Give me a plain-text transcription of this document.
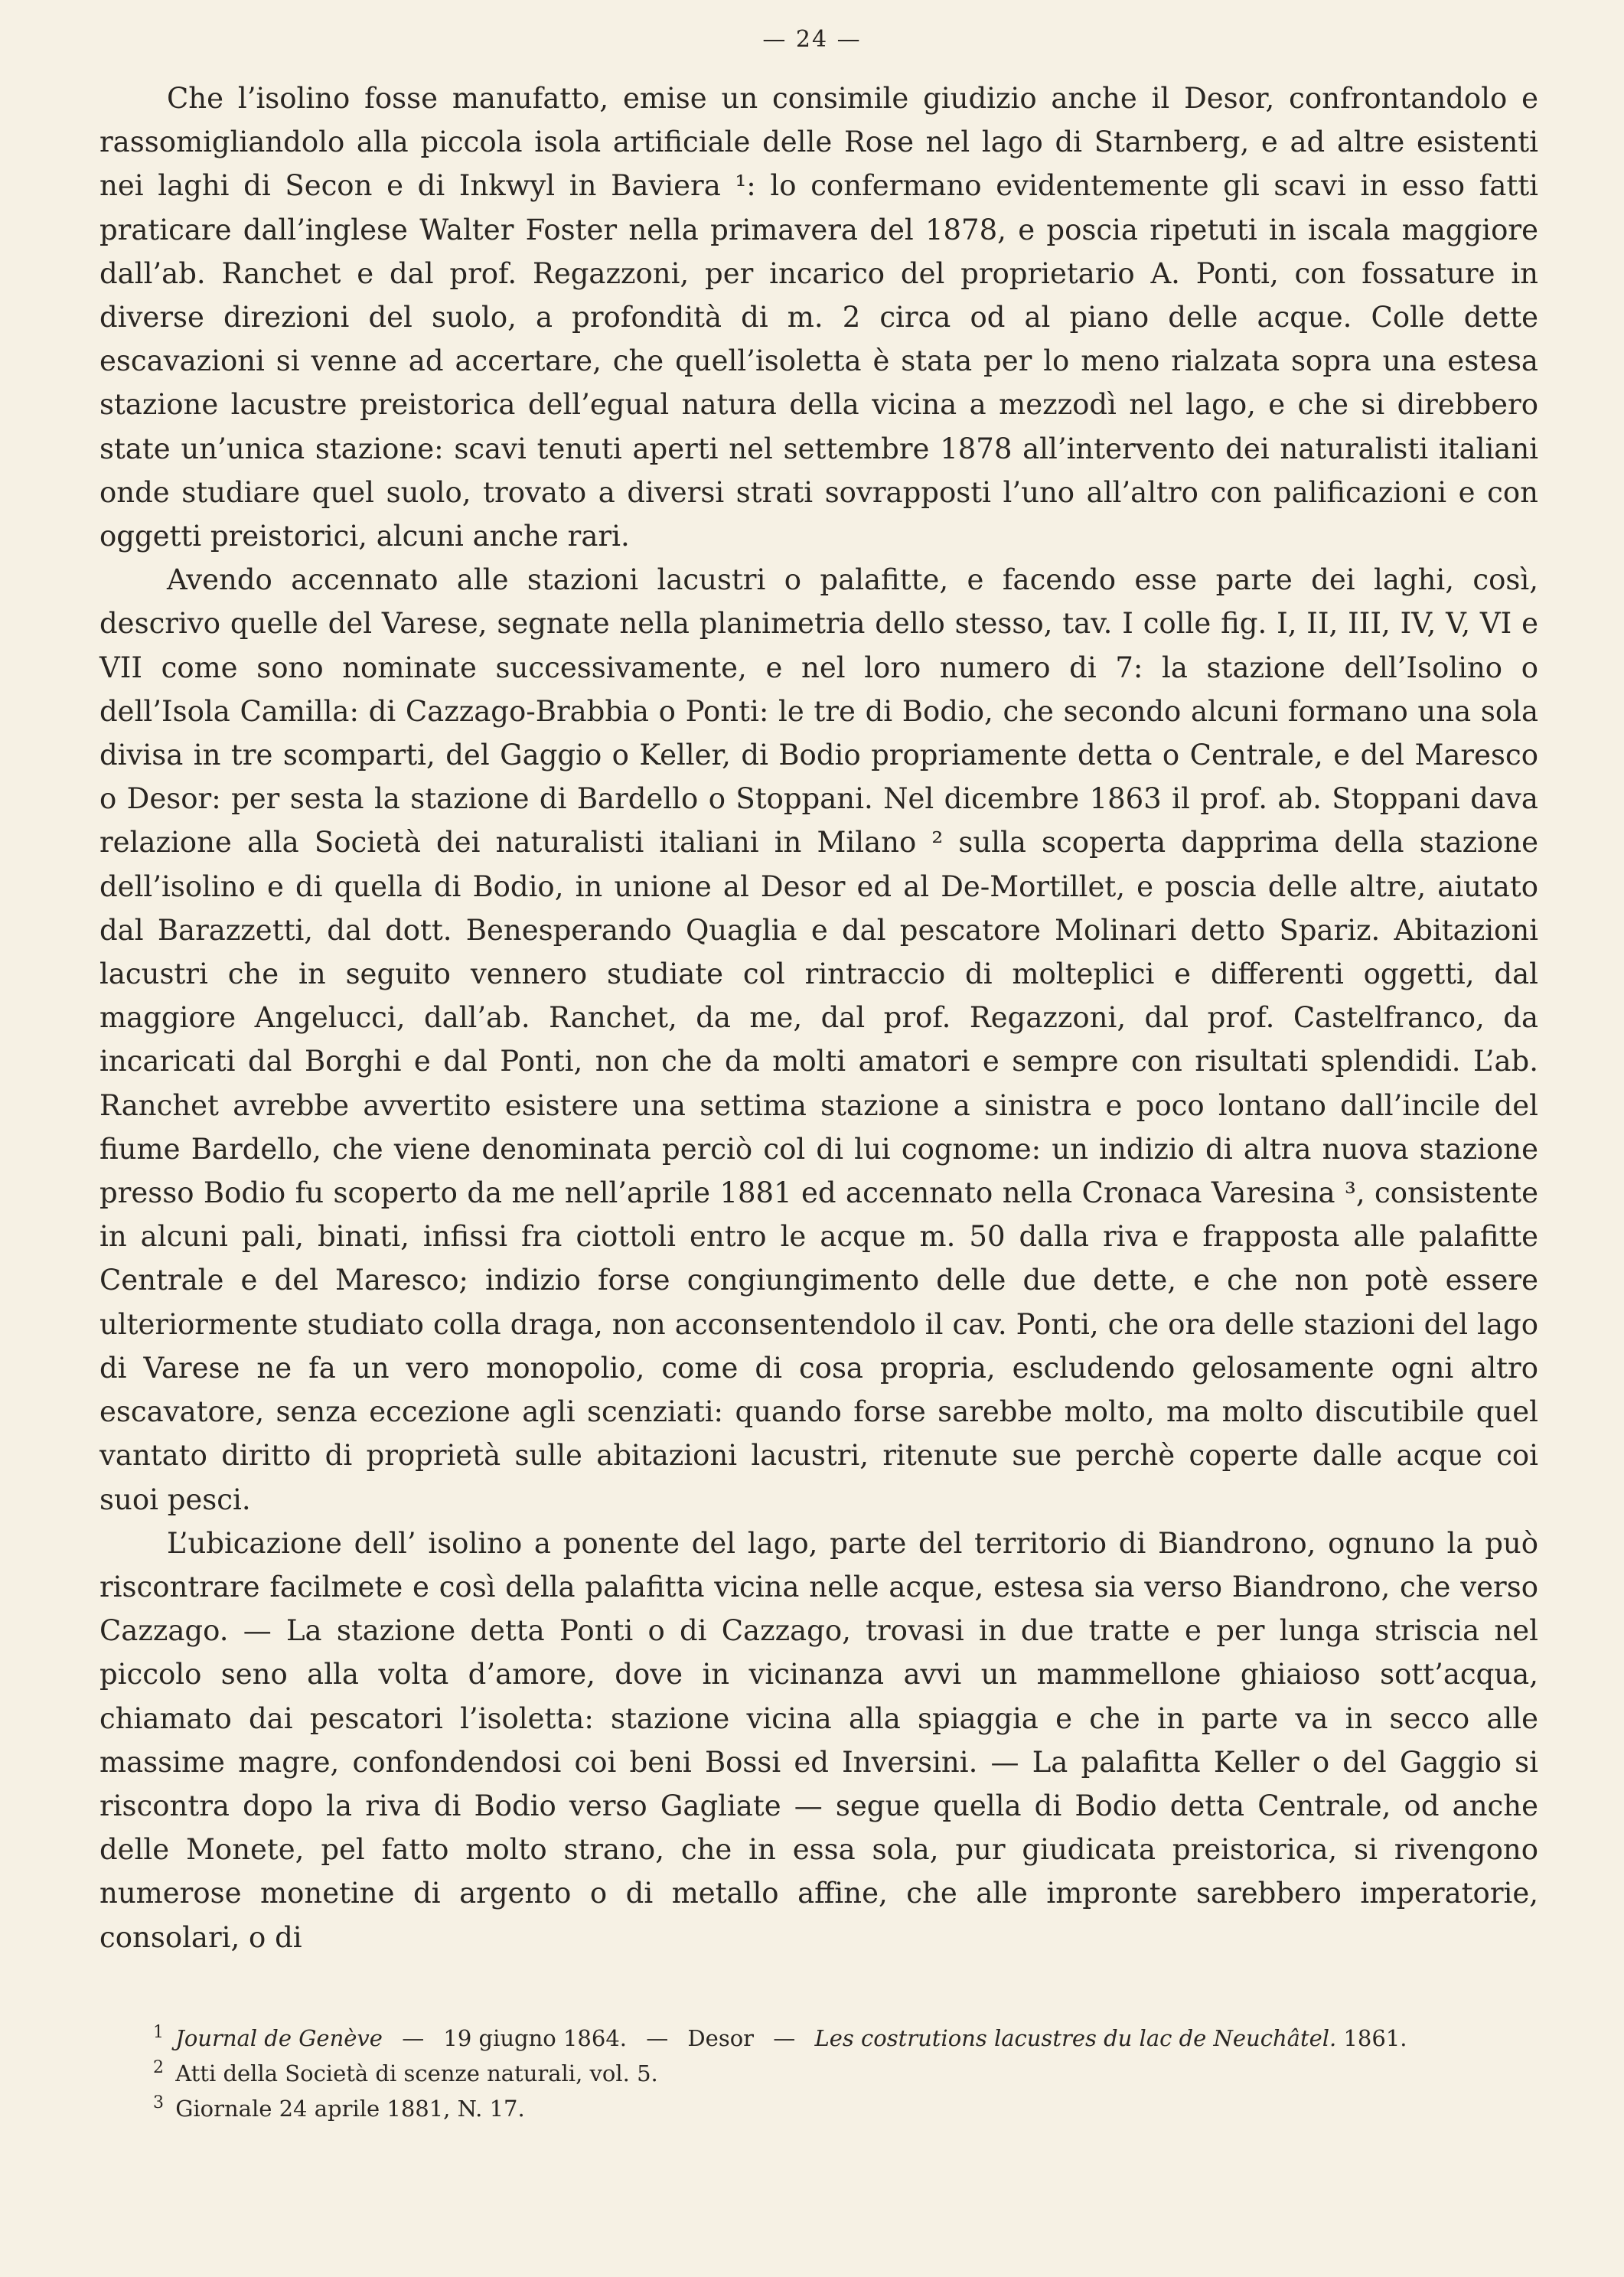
— 24 —

Che l’isolino fosse manufatto, emise un consimile giudizio anche il Desor, confrontandolo e rassomigliandolo alla piccola isola artificiale delle Rose nel lago di Starnberg, e ad altre esistenti nei laghi di Secon e di Inkwyl in Baviera ¹: lo confermano evidentemente gli scavi in esso fatti praticare dall’inglese Walter Foster nella primavera del 1878, e poscia ripetuti in iscala maggiore dall’ab. Ranchet e dal prof. Regazzoni, per incarico del proprietario A. Ponti, con fossature in diverse direzioni del suolo, a profondità di m. 2 circa od al piano delle acque. Colle dette escavazioni si venne ad accertare, che quell’isoletta è stata per lo meno rialzata sopra una estesa stazione lacustre preistorica dell’egual natura della vicina a mezzodì nel lago, e che si direbbero state un’unica stazione: scavi tenuti aperti nel settembre 1878 all’intervento dei naturalisti italiani onde studiare quel suolo, trovato a diversi strati sovrapposti l’uno all’altro con palificazioni e con oggetti preistorici, alcuni anche rari.

Avendo accennato alle stazioni lacustri o palafitte, e facendo esse parte dei laghi, così, descrivo quelle del Varese, segnate nella planimetria dello stesso, tav. I colle fig. I, II, III, IV, V, VI e VII come sono nominate successivamente, e nel loro numero di 7: la stazione dell’Isolino o dell’Isola Camilla: di Cazzago-Brabbia o Ponti: le tre di Bodio, che secondo alcuni formano una sola divisa in tre scomparti, del Gaggio o Keller, di Bodio propriamente detta o Centrale, e del Maresco o Desor: per sesta la stazione di Bardello o Stoppani. Nel dicembre 1863 il prof. ab. Stoppani dava relazione alla Società dei naturalisti italiani in Milano ² sulla scoperta dapprima della stazione dell’isolino e di quella di Bodio, in unione al Desor ed al De-Mortillet, e poscia delle altre, aiutato dal Barazzetti, dal dott. Benesperando Quaglia e dal pescatore Molinari detto Spariz. Abitazioni lacustri che in seguito vennero studiate col rintraccio di molteplici e differenti oggetti, dal maggiore Angelucci, dall’ab. Ranchet, da me, dal prof. Regazzoni, dal prof. Castelfranco, da incaricati dal Borghi e dal Ponti, non che da molti amatori e sempre con risultati splendidi. L’ab. Ranchet avrebbe avvertito esistere una settima stazione a sinistra e poco lontano dall’incile del fiume Bardello, che viene denominata perciò col di lui cognome: un indizio di altra nuova stazione presso Bodio fu scoperto da me nell’aprile 1881 ed accennato nella Cronaca Varesina ³, consistente in alcuni pali, binati, infissi fra ciottoli entro le acque m. 50 dalla riva e frapposta alle palafitte Centrale e del Maresco; indizio forse congiungimento delle due dette, e che non potè essere ulteriormente studiato colla draga, non acconsentendolo il cav. Ponti, che ora delle stazioni del lago di Varese ne fa un vero monopolio, come di cosa propria, escludendo gelosamente ogni altro escavatore, senza eccezione agli scenziati: quando forse sarebbe molto, ma molto discutibile quel vantato diritto di proprietà sulle abitazioni lacustri, ritenute sue perchè coperte dalle acque coi suoi pesci.

L’ubicazione dell’ isolino a ponente del lago, parte del territorio di Biandrono, ognuno la può riscontrare facilmete e così della palafitta vicina nelle acque, estesa sia verso Biandrono, che verso Cazzago. — La stazione detta Ponti o di Cazzago, trovasi in due tratte e per lunga striscia nel piccolo seno alla volta d’amore, dove in vicinanza avvi un mammellone ghiaioso sott’acqua, chiamato dai pescatori l’isoletta: stazione vicina alla spiaggia e che in parte va in secco alle massime magre, confondendosi coi beni Bossi ed Inversini. — La palafitta Keller o del Gaggio si riscontra dopo la riva di Bodio verso Gagliate — segue quella di Bodio detta Centrale, od anche delle Monete, pel fatto molto strano, che in essa sola, pur giudicata preistorica, si rivengono numerose monetine di argento o di metallo affine, che alle impronte sarebbero imperatorie, consolari, o di

1 Journal de Genève — 19 giugno 1864. — Desor — Les costrutions lacustres du lac de Neuchâtel. 1861.

2 Atti della Società di scenze naturali, vol. 5.

3 Giornale 24 aprile 1881, N. 17.
